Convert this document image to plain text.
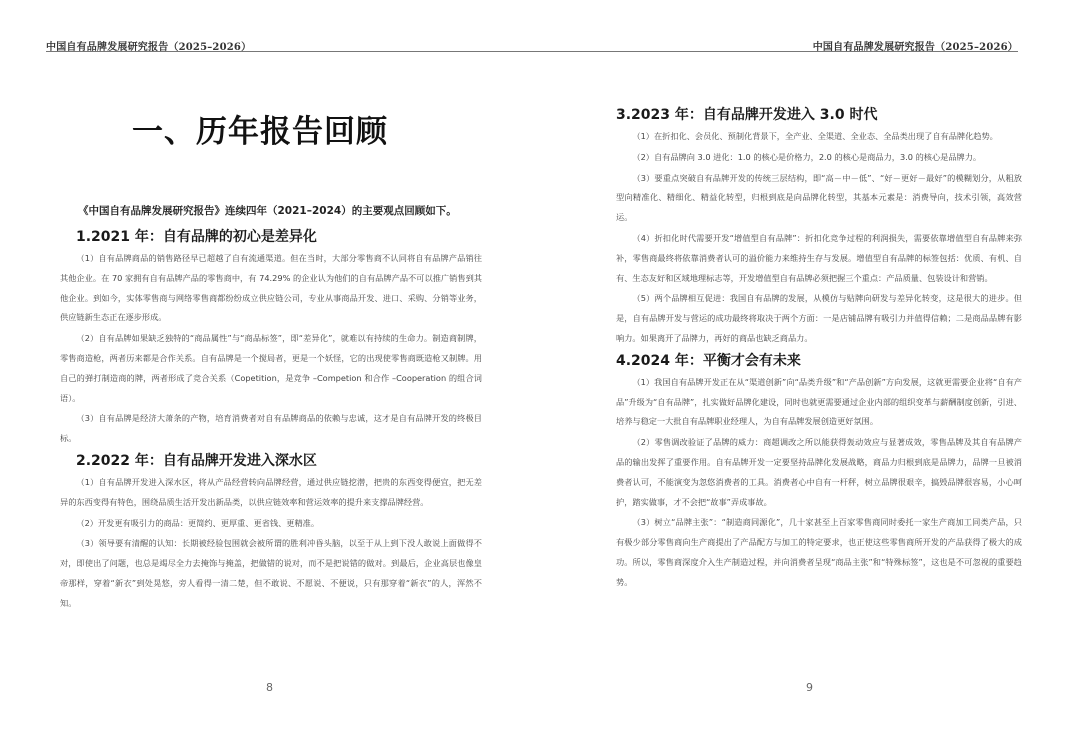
中国自有品牌发展研究报告（2025–2026）
一、历年报告回顾
《中国自有品牌发展研究报告》连续四年（2021–2024）的主要观点回顾如下。
1.2021 年：自有品牌的初心是差异化

（1）自有品牌商品的销售路径早已超越了自有流通渠道。但在当时，大部分零售商不认同将自有品牌产品销往其他企业。在 70 家拥有自有品牌产品的零售商中，有 74.29% 的企业认为他们的自有品牌产品不可以推广销售到其他企业。到如今，实体零售商与网络零售商都纷纷成立供应链公司，专业从事商品开发、进口、采购、分销等业务，供应链新生态正在逐步形成。

（2）自有品牌如果缺乏独特的“商品属性”与“商品标签”，即“差异化”，就难以有持续的生命力。制造商制牌，零售商造枪，两者历来都是合作关系。自有品牌是一个搅局者，更是一个妖怪，它的出现使零售商既造枪又制牌。用自己的弹打制造商的牌，两者形成了竞合关系（Copetition，是竞争 –Competion 和合作 –Cooperation 的组合词语）。

（3）自有品牌是经济大萧条的产物，培育消费者对自有品牌商品的依赖与忠诚，这才是自有品牌开发的终极目标。

2.2022 年：自有品牌开发进入深水区

（1）自有品牌开发进入深水区，将从产品经营转向品牌经营，通过供应链挖潜，把贵的东西变得便宜，把无差异的东西变得有特色，围绕品质生活开发出新品类，以供应链效率和营运效率的提升来支撑品牌经营。

（2）开发更有吸引力的商品：更简约、更厚重、更省钱、更精准。

（3）领导要有清醒的认知：长期被经验包围就会被所谓的胜利冲昏头脑，以至于从上到下没人敢说上面做得不对，即使出了问题，也总是竭尽全力去掩饰与掩盖，把做错的说对，而不是把说错的做对。到最后，企业高层也像皇帝那样，穿着“新衣”到处晃悠，旁人看得一清二楚，但不敢说、不愿说、不便说，只有那穿着“新衣”的人，浑然不知。

8
中国自有品牌发展研究报告（2025–2026）
3.2023 年：自有品牌开发进入 3.0 时代

（1）在折扣化、会员化、预制化背景下，全产业、全渠道、全业态、全品类出现了自有品牌化趋势。

（2）自有品牌向 3.0 进化：1.0 的核心是价格力，2.0 的核心是商品力，3.0 的核心是品牌力。

（3）要重点突破自有品牌开发的传统三层结构，即“高－中－低”、“好－更好－最好”的模糊划分，从粗放型向精准化、精细化、精益化转型，归根到底是向品牌化转型，其基本元素是：消费导向，技术引领，高效营运。

（4）折扣化时代需要开发“增值型自有品牌”：折扣化竞争过程的利润损失，需要依靠增值型自有品牌来弥补，零售商最终将依靠消费者认可的溢价能力来维持生存与发展。增值型自有品牌的标签包括：优质、有机、自有、生态友好和区域地理标志等，开发增值型自有品牌必须把握三个重点：产品质量、包装设计和营销。

（5）两个品牌相互促进：我国自有品牌的发展，从模仿与贴牌向研发与差异化转变，这是很大的进步。但是，自有品牌开发与营运的成功最终将取决于两个方面：一是店铺品牌有吸引力并值得信赖；二是商品品牌有影响力。如果离开了品牌力，再好的商品也缺乏商品力。

4.2024 年：平衡才会有未来

（1）我国自有品牌开发正在从“渠道创新”向“品类升级”和“产品创新”方向发展，这就更需要企业将“自有产品”升级为“自有品牌”，扎实做好品牌化建设，同时也就更需要通过企业内部的组织变革与薪酬制度创新，引进、培养与稳定一大批自有品牌职业经理人，为自有品牌发展创造更好氛围。

（2）零售调改验证了品牌的威力：商超调改之所以能获得轰动效应与显著成效，零售品牌及其自有品牌产品的输出发挥了重要作用。自有品牌开发一定要坚持品牌化发展战略，商品力归根到底是品牌力，品牌一旦被消费者认可，不能演变为忽悠消费者的工具。消费者心中自有一杆秤，树立品牌很艰辛，搞毁品牌很容易，小心呵护，踏实做事，才不会把“故事”弄成事故。

（3）树立“品牌主张”：“制造商同源化”，几十家甚至上百家零售商同时委托一家生产商加工同类产品，只有极少部分零售商向生产商提出了产品配方与加工的特定要求，也正使这些零售商所开发的产品获得了极大的成功。所以，零售商深度介入生产制造过程，并向消费者呈现“商品主张”和“特殊标签”，这也是不可忽视的重要趋势。

9
